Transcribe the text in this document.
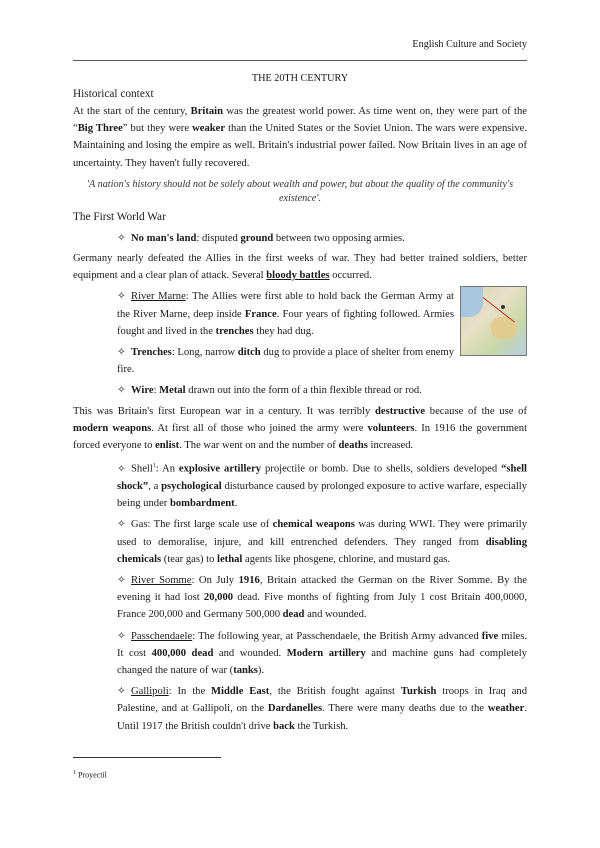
English Culture and Society
THE 20TH CENTURY
Historical context

At the start of the century, Britain was the greatest world power. As time went on, they were part of the “Big Three” but they were weaker than the United States or the Soviet Union. The wars were expensive. Maintaining and losing the empire as well. Britain's industrial power failed. Now Britain lives in an age of uncertainty. They haven't fully recovered.

'A nation's history should not be solely about wealth and power, but about the quality of the community's existence'.
The First World War

✧ No man's land: disputed ground between two opposing armies.

Germany nearly defeated the Allies in the first weeks of war. They had better trained soldiers, better equipment and a clear plan of attack. Several bloody battles occurred.

✧ River Marne: The Allies were first able to hold back the German Army at the River Marne, deep inside France. Four years of fighting followed. Armies fought and lived in the trenches they had dug.

✧ Trenches: Long, narrow ditch dug to provide a place of shelter from enemy fire.

✧ Wire: Metal drawn out into the form of a thin flexible thread or rod.

This was Britain's first European war in a century. It was terribly destructive because of the use of modern weapons. At first all of those who joined the army were volunteers. In 1916 the government forced everyone to enlist. The war went on and the number of deaths increased.

✧ Shell$^1$: An explosive artillery projectile or bomb. Due to shells, soldiers developed “shell shock”, a psychological disturbance caused by prolonged exposure to active warfare, especially being under bombardment.

✧ Gas: The first large scale use of chemical weapons was during WWI. They were primarily used to demoralise, injure, and kill entrenched defenders. They ranged from disabling chemicals (tear gas) to lethal agents like phosgene, chlorine, and mustard gas.

✧ River Somme: On July 1916, Britain attacked the German on the River Somme. By the evening it had lost 20,000 dead. Five months of fighting from July 1 cost Britain 400,0000, France 200,000 and Germany 500,000 dead and wounded.

✧ Passchendaele: The following year, at Passchendaele, the British Army advanced five miles. It cost 400,000 dead and wounded. Modern artillery and machine guns had completely changed the nature of war (tanks).

✧ Gallipoli: In the Middle East, the British fought against Turkish troops in Iraq and Palestine, and at Gallipoli, on the Dardanelles. There were many deaths due to the weather. Until 1917 the British couldn't drive back the Turkish.

$^1$ Proyectil
